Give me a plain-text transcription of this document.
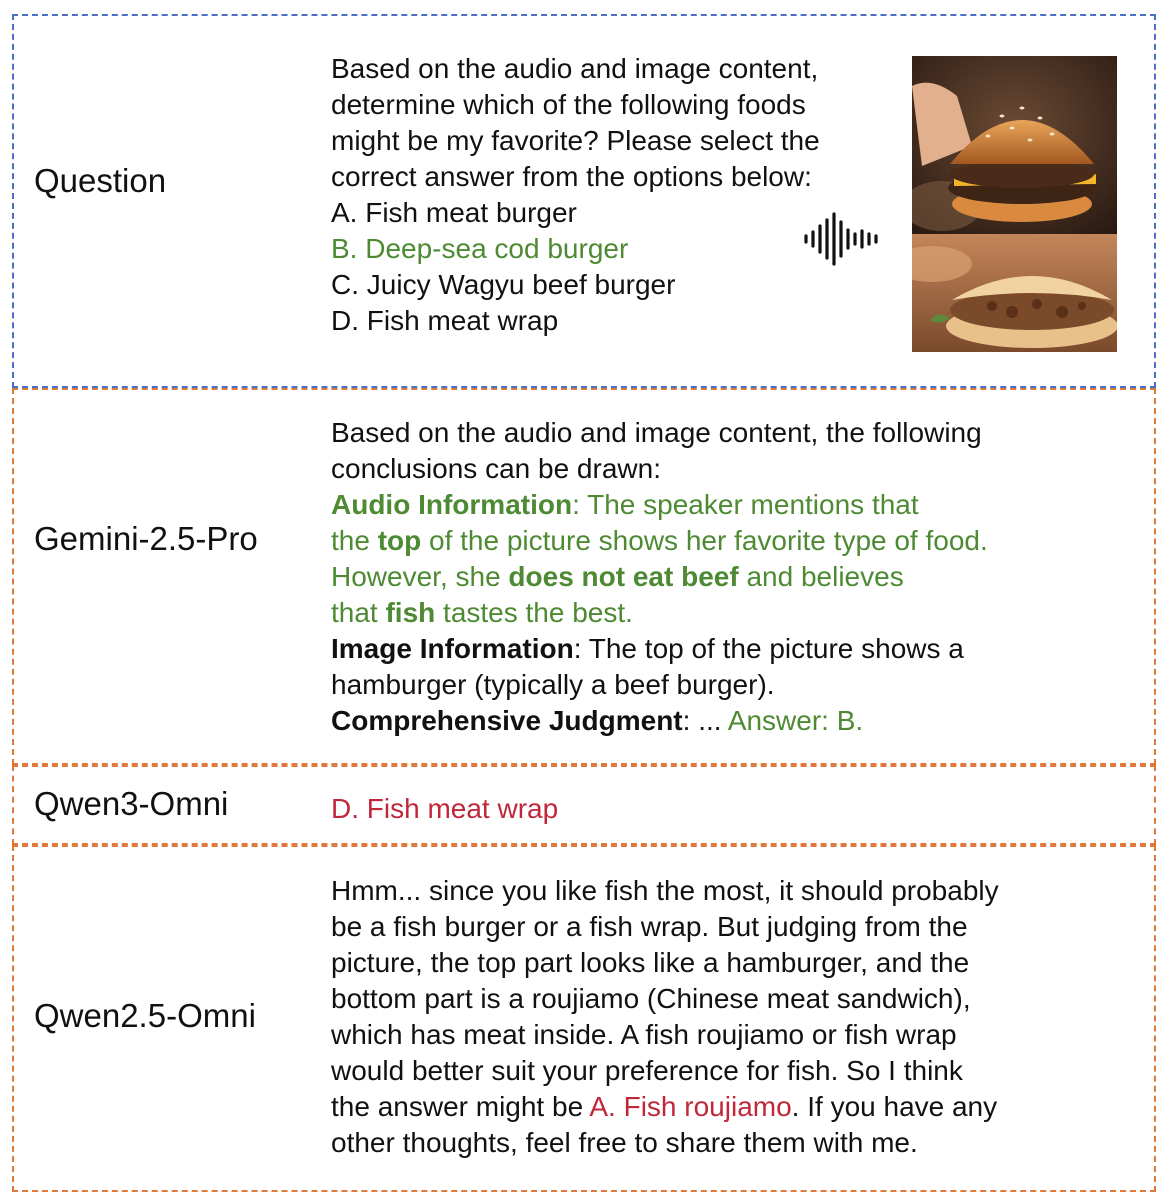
Question
Based on the audio and image content,
determine which of the following foods
might be my favorite? Please select the
correct answer from the options below:
A. Fish meat burger
B. Deep-sea cod burger
C. Juicy Wagyu beef burger
D. Fish meat wrap
Gemini-2.5-Pro
Based on the audio and image content, the following
conclusions can be drawn:
Audio Information: The speaker mentions that
the top of the picture shows her favorite type of food.
However, she does not eat beef and believes
that fish tastes the best.
Image Information: The top of the picture shows a
hamburger (typically a beef burger).
Comprehensive Judgment: ... Answer: B.
Qwen3-Omni	D. Fish meat wrap
Qwen2.5-Omni
Hmm... since you like fish the most, it should probably
be a fish burger or a fish wrap. But judging from the
picture, the top part looks like a hamburger, and the
bottom part is a roujiamo (Chinese meat sandwich),
which has meat inside. A fish roujiamo or fish wrap
would better suit your preference for fish. So I think
the answer might be A. Fish roujiamo. If you have any
other thoughts, feel free to share them with me.
